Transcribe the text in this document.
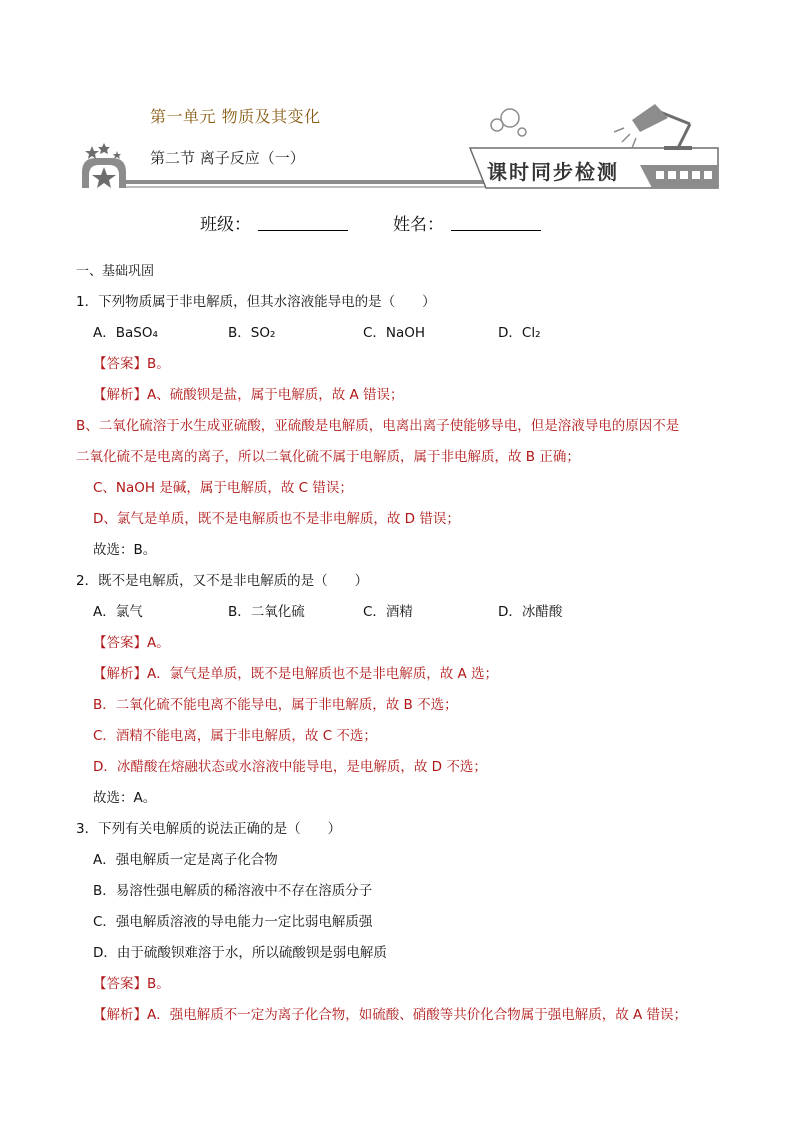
第一单元 物质及其变化
第二节 离子反应（一）
课时同步检测
班级：	姓名：
一、基础巩固
1．下列物质属于非电解质，但其水溶液能导电的是（　　）
A．BaSO₄	B．SO₂	C．NaOH	D．Cl₂
【答案】B。
【解析】A、硫酸钡是盐，属于电解质，故 A 错误；
B、二氧化硫溶于水生成亚硫酸，亚硫酸是电解质，电离出离子使能够导电，但是溶液导电的原因不是
二氧化硫不是电离的离子，所以二氧化硫不属于电解质，属于非电解质，故 B 正确；
C、NaOH 是碱，属于电解质，故 C 错误；
D、氯气是单质，既不是电解质也不是非电解质，故 D 错误；
故选：B。
2．既不是电解质，又不是非电解质的是（　　）
A．氯气	B．二氧化硫	C．酒精	D．冰醋酸
【答案】A。
【解析】A．氯气是单质，既不是电解质也不是非电解质，故 A 选；
B．二氧化硫不能电离不能导电，属于非电解质，故 B 不选；
C．酒精不能电离，属于非电解质，故 C 不选；
D．冰醋酸在熔融状态或水溶液中能导电，是电解质，故 D 不选；
故选：A。
3．下列有关电解质的说法正确的是（　　）
A．强电解质一定是离子化合物
B．易溶性强电解质的稀溶液中不存在溶质分子
C．强电解质溶液的导电能力一定比弱电解质强
D．由于硫酸钡难溶于水，所以硫酸钡是弱电解质
【答案】B。
【解析】A．强电解质不一定为离子化合物，如硫酸、硝酸等共价化合物属于强电解质，故 A 错误；
